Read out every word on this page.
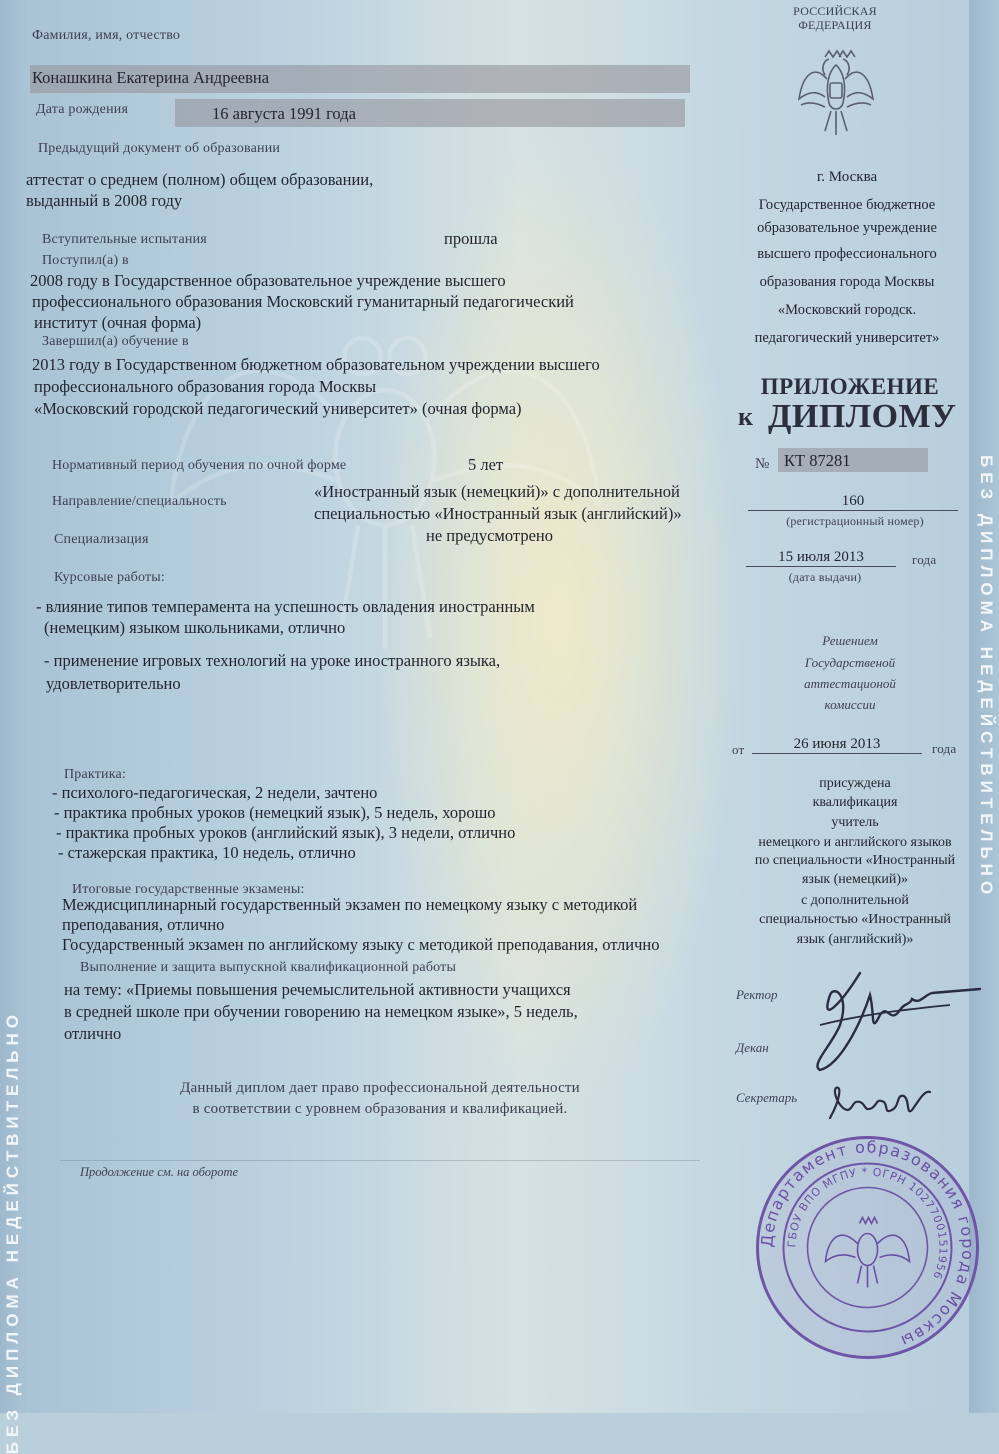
БЕЗ ДИПЛОМА НЕДЕЙСТВИТЕЛЬНО
БЕЗ ДИПЛОМА НЕДЕЙСТВИТЕЛЬНО
Фамилия, имя, отчество
Конашкина Екатерина Андреевна
Дата рождения	16 августа 1991 года
Предыдущий документ об образовании
аттестат о среднем (полном) общем образовании,
выданный в 2008 году
Вступительные испытания	прошла
Поступил(а) в
2008 году в Государственное образовательное учреждение высшего
профессионального образования Московский гуманитарный педагогический
институт (очная форма)
Завершил(а) обучение в
2013 году в Государственном бюджетном образовательном учреждении высшего
профессионального образования города Москвы
«Московский городской педагогический университет» (очная форма)
Нормативный период обучения по очной форме	5 лет
Направление/специальность
«Иностранный язык (немецкий)» с дополнительной
специальностью «Иностранный язык (английский)»
Специализация	не предусмотрено
Курсовые работы:
- влияние типов темперамента на успешность овладения иностранным
(немецким) языком школьниками, отлично
- применение игровых технологий на уроке иностранного языка,
удовлетворительно
Практика:
- психолого-педагогическая, 2 недели, зачтено
- практика пробных уроков (немецкий язык), 5 недель, хорошо
- практика пробных уроков (английский язык), 3 недели, отлично
- стажерская практика, 10 недель, отлично
Итоговые государственные экзамены:
Междисциплинарный государственный экзамен по немецкому языку с методикой
преподавания, отлично
Государственный экзамен по английскому языку с методикой преподавания, отлично
Выполнение и защита выпускной квалификационной работы
на тему: «Приемы повышения речемыслительной активности учащихся
в средней школе при обучении говорению на немецком языке», 5 недель,
отлично
Данный диплом дает право профессиональной деятельности
в соответствии с уровнем образования и квалификацией.
Продолжение см. на обороте
РОССИЙСКАЯ
ФЕДЕРАЦИЯ
г. Москва
Государственное бюджетное
образовательное учреждение
высшего профессионального
образования города Москвы
«Московский городск.
педагогический университет»
ПРИЛОЖЕНИЕ
к ДИПЛОМУ
№ КТ 87281
160
(регистрационный номер)
15 июля 2013	года
(дата выдачи)
Решением
Государственой
аттестационой
комиссии
от	26 июня 2013	года
присуждена
квалификация
учитель
немецкого и английского языков
по специальности «Иностранный
язык (немецкий)»
с дополнительной
специальностью «Иностранный
язык (английский)»
Ректор
Декан
Секретарь
Департамент образования города Москвы
ГБОУ ВПО МГПУ * ОГРН 1027700151956
